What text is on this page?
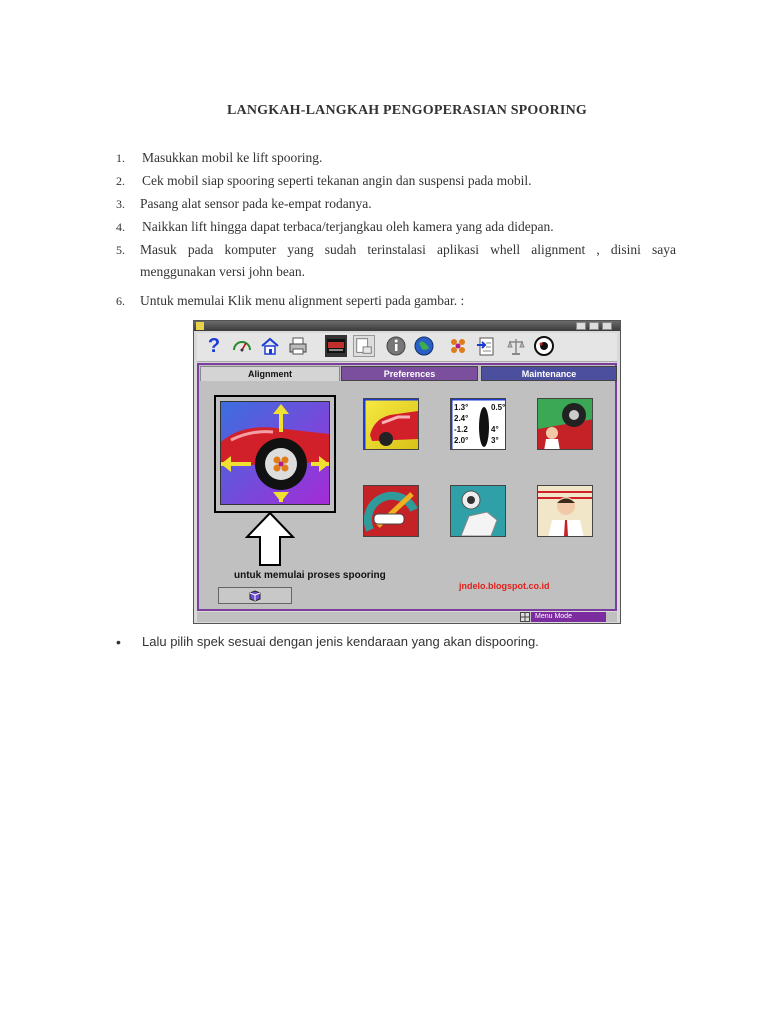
LANGKAH-LANGKAH PENGOPERASIAN SPOORING
1.	Masukkan mobil ke lift spooring.
2.	Cek mobil siap spooring seperti tekanan angin dan suspensi pada mobil.
3.	Pasang alat sensor pada ke-empat rodanya.
4.	Naikkan lift hingga dapat terbaca/terjangkau oleh kamera yang ada didepan.
5.	Masuk pada komputer yang sudah terinstalasi aplikasi whell alignment , disini saya
menggunakan versi john bean.
6.	Untuk memulai Klik menu alignment seperti pada gambar. :
?
Alignment	Preferences	Maintenance
1.3°
2.4°
-1.2
2.0°
0.5°
4°
3°
untuk memulai proses spooring
jndelo.blogspot.co.id
Menu Mode
• Lalu pilih spek sesuai dengan jenis kendaraan yang akan dispooring.
